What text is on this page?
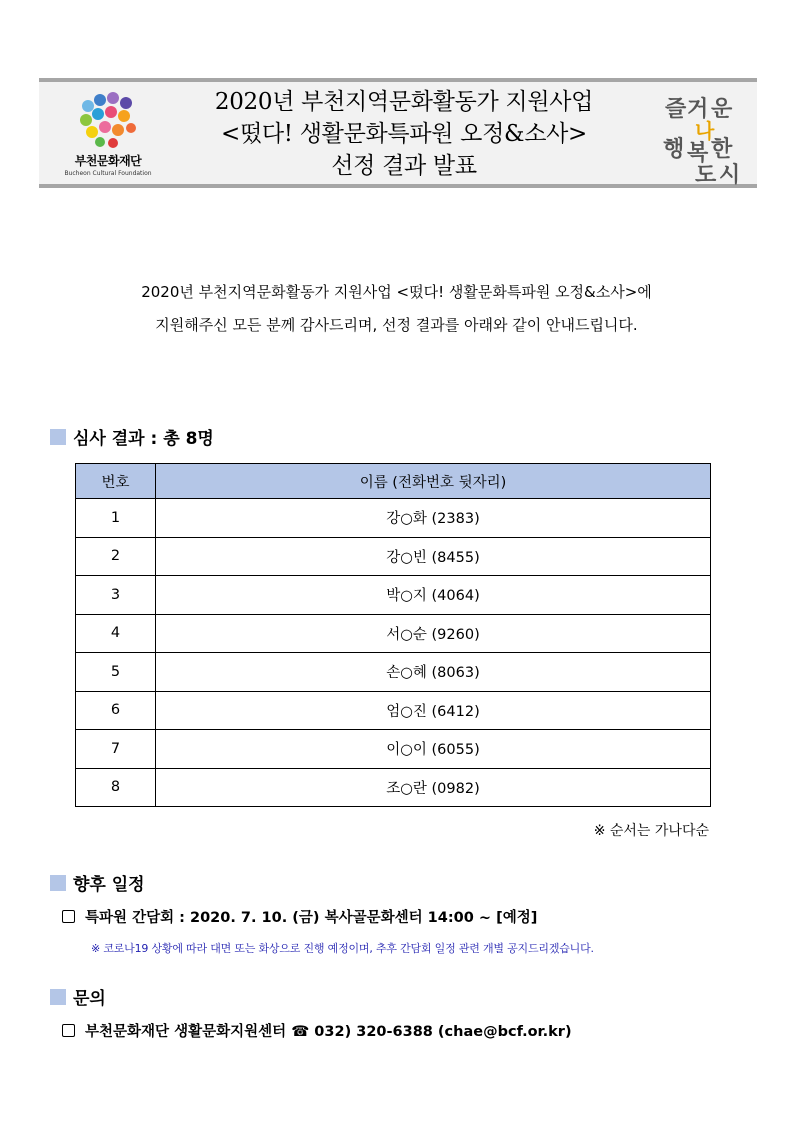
부천문화재단
Bucheon Cultural Foundation
2020년 부천지역문화활동가 지원사업
<떴다! 생활문화특파원 오정&소사>
선정 결과 발표
즐 거 운
나
행 복 한
도 시
2020년 부천지역문화활동가 지원사업 <떴다! 생활문화특파원 오정&소사>에
지원해주신 모든 분께 감사드리며, 선정 결과를 아래와 같이 안내드립니다.
심사 결과 : 총 8명
번호	이름 (전화번호 뒷자리)
1	강○화 (2383)
2	강○빈 (8455)
3	박○지 (4064)
4	서○순 (9260)
5	손○혜 (8063)
6	엄○진 (6412)
7	이○이 (6055)
8	조○란 (0982)
※ 순서는 가나다순
향후 일정
특파원 간담회 : 2020. 7. 10. (금) 복사골문화센터 14:00 ~ [예정]
※ 코로나19 상황에 따라 대면 또는 화상으로 진행 예정이며, 추후 간담회 일정 관련 개별 공지드리겠습니다.
문의
부천문화재단 생활문화지원센터 ☎ 032) 320-6388 (chae@bcf.or.kr)
